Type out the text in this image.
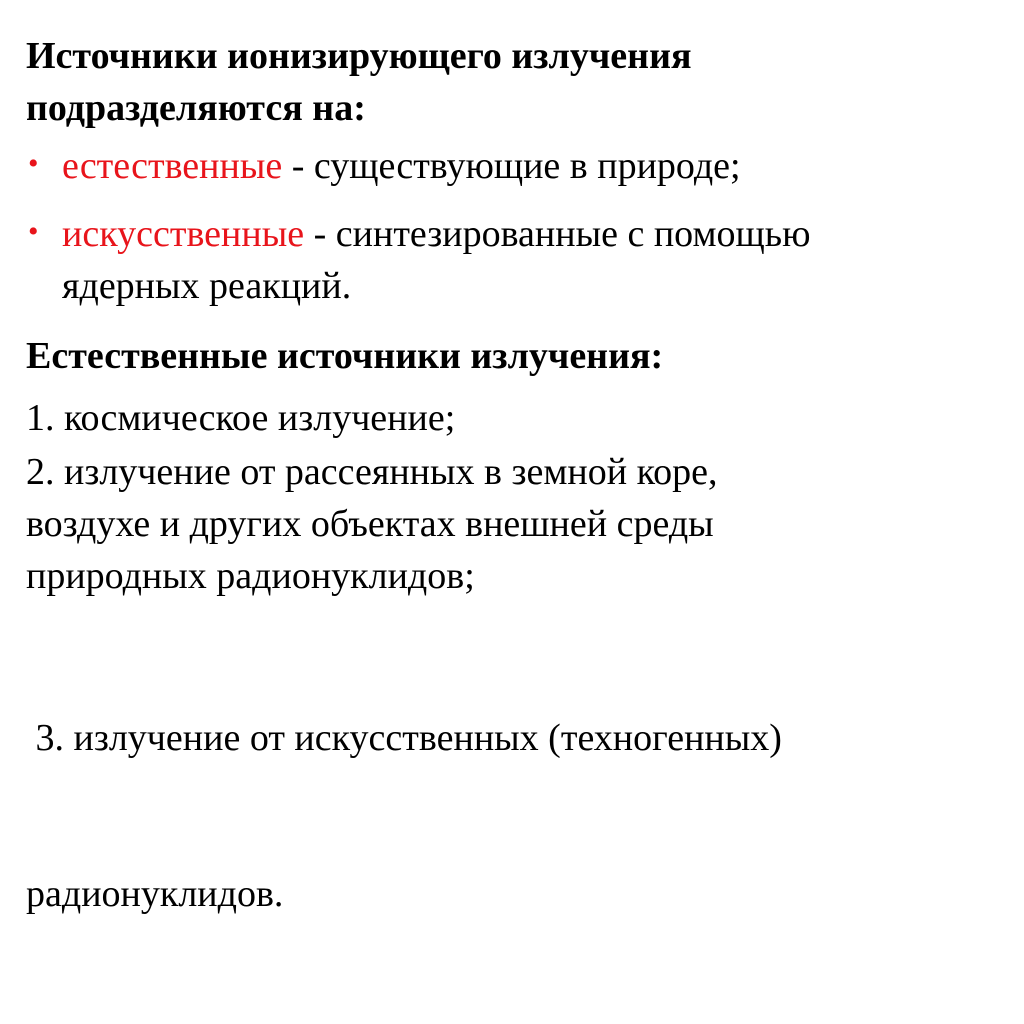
Источники ионизирующего излучения
подразделяются на:
• естественные - существующие в природе;
• искусственные - синтезированные с помощью
ядерных реакций.
Естественные источники излучения:
1. космическое излучение;
2. излучение от рассеянных в земной коре,
воздухе и других объектах внешней среды
природных радионуклидов;

3. излучение от искусственных (техногенных)

радионуклидов.
